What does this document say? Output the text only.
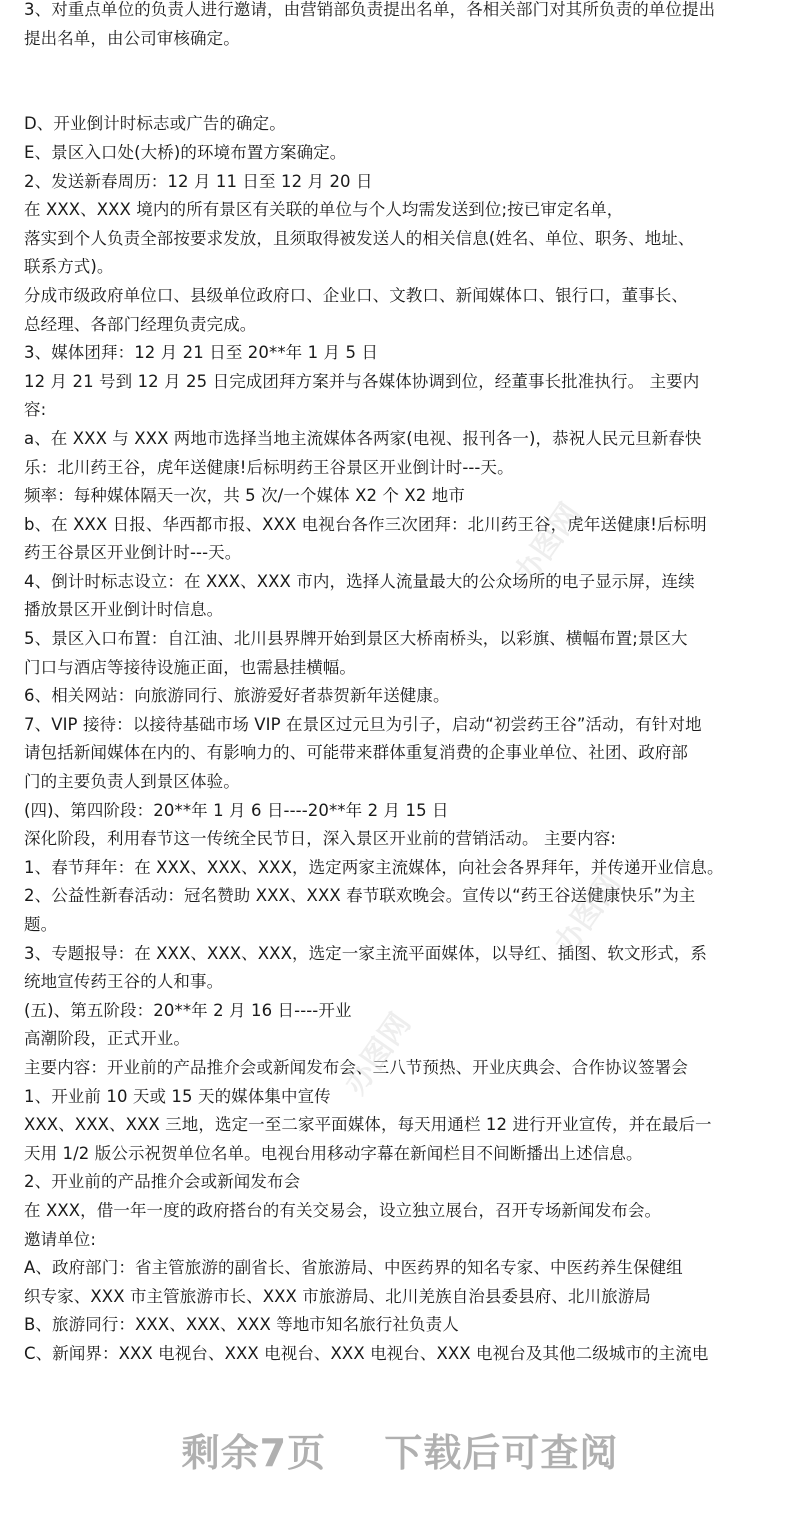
3、对重点单位的负责人进行邀请，由营销部负责提出名单，各相关部门对其所负责的单位提出
提出名单，由公司审核确定。
D、开业倒计时标志或广告的确定。
E、景区入口处(大桥)的环境布置方案确定。
2、发送新春周历：12 月 11 日至 12 月 20 日
在 XXX、XXX 境内的所有景区有关联的单位与个人均需发送到位;按已审定名单，
落实到个人负责全部按要求发放，且须取得被发送人的相关信息(姓名、单位、职务、地址、
联系方式)。
分成市级政府单位口、县级单位政府口、企业口、文教口、新闻媒体口、银行口，董事长、
总经理、各部门经理负责完成。
3、媒体团拜：12 月 21 日至 20**年 1 月 5 日
12 月 21 号到 12 月 25 日完成团拜方案并与各媒体协调到位，经董事长批准执行。 主要内
容:
a、在 XXX 与 XXX 两地市选择当地主流媒体各两家(电视、报刊各一)，恭祝人民元旦新春快
乐：北川药王谷，虎年送健康!后标明药王谷景区开业倒计时---天。
频率：每种媒体隔天一次，共 5 次/一个媒体 X2 个 X2 地市
b、在 XXX 日报、华西都市报、XXX 电视台各作三次团拜：北川药王谷，虎年送健康!后标明
药王谷景区开业倒计时---天。
4、倒计时标志设立：在 XXX、XXX 市内，选择人流量最大的公众场所的电子显示屏，连续
播放景区开业倒计时信息。
5、景区入口布置：自江油、北川县界牌开始到景区大桥南桥头，以彩旗、横幅布置;景区大
门口与酒店等接待设施正面，也需悬挂横幅。
6、相关网站：向旅游同行、旅游爱好者恭贺新年送健康。
7、VIP 接待：以接待基础市场 VIP 在景区过元旦为引子，启动“初尝药王谷”活动，有针对地
请包括新闻媒体在内的、有影响力的、可能带来群体重复消费的企事业单位、社团、政府部
门的主要负责人到景区体验。
(四)、第四阶段：20**年 1 月 6 日----20**年 2 月 15 日
深化阶段，利用春节这一传统全民节日，深入景区开业前的营销活动。 主要内容:
1、春节拜年：在 XXX、XXX、XXX，选定两家主流媒体，向社会各界拜年，并传递开业信息。
2、公益性新春活动：冠名赞助 XXX、XXX 春节联欢晚会。宣传以“药王谷送健康快乐”为主
题。
3、专题报导：在 XXX、XXX、XXX，选定一家主流平面媒体，以导红、插图、软文形式，系
统地宣传药王谷的人和事。
(五)、第五阶段：20**年 2 月 16 日----开业
高潮阶段，正式开业。
主要内容：开业前的产品推介会或新闻发布会、三八节预热、开业庆典会、合作协议签署会
1、开业前 10 天或 15 天的媒体集中宣传
XXX、XXX、XXX 三地，选定一至二家平面媒体，每天用通栏 12 进行开业宣传，并在最后一
天用 1/2 版公示祝贺单位名单。电视台用移动字幕在新闻栏目不间断播出上述信息。
2、开业前的产品推介会或新闻发布会
在 XXX，借一年一度的政府搭台的有关交易会，设立独立展台，召开专场新闻发布会。
邀请单位:
A、政府部门：省主管旅游的副省长、省旅游局、中医药界的知名专家、中医药养生保健组
织专家、XXX 市主管旅游市长、XXX 市旅游局、北川羌族自治县委县府、北川旅游局
B、旅游同行：XXX、XXX、XXX 等地市知名旅行社负责人
C、新闻界：XXX 电视台、XXX 电视台、XXX 电视台、XXX 电视台及其他二级城市的主流电
办图网
办图网
办图网
剩余7页 下载后可查阅
